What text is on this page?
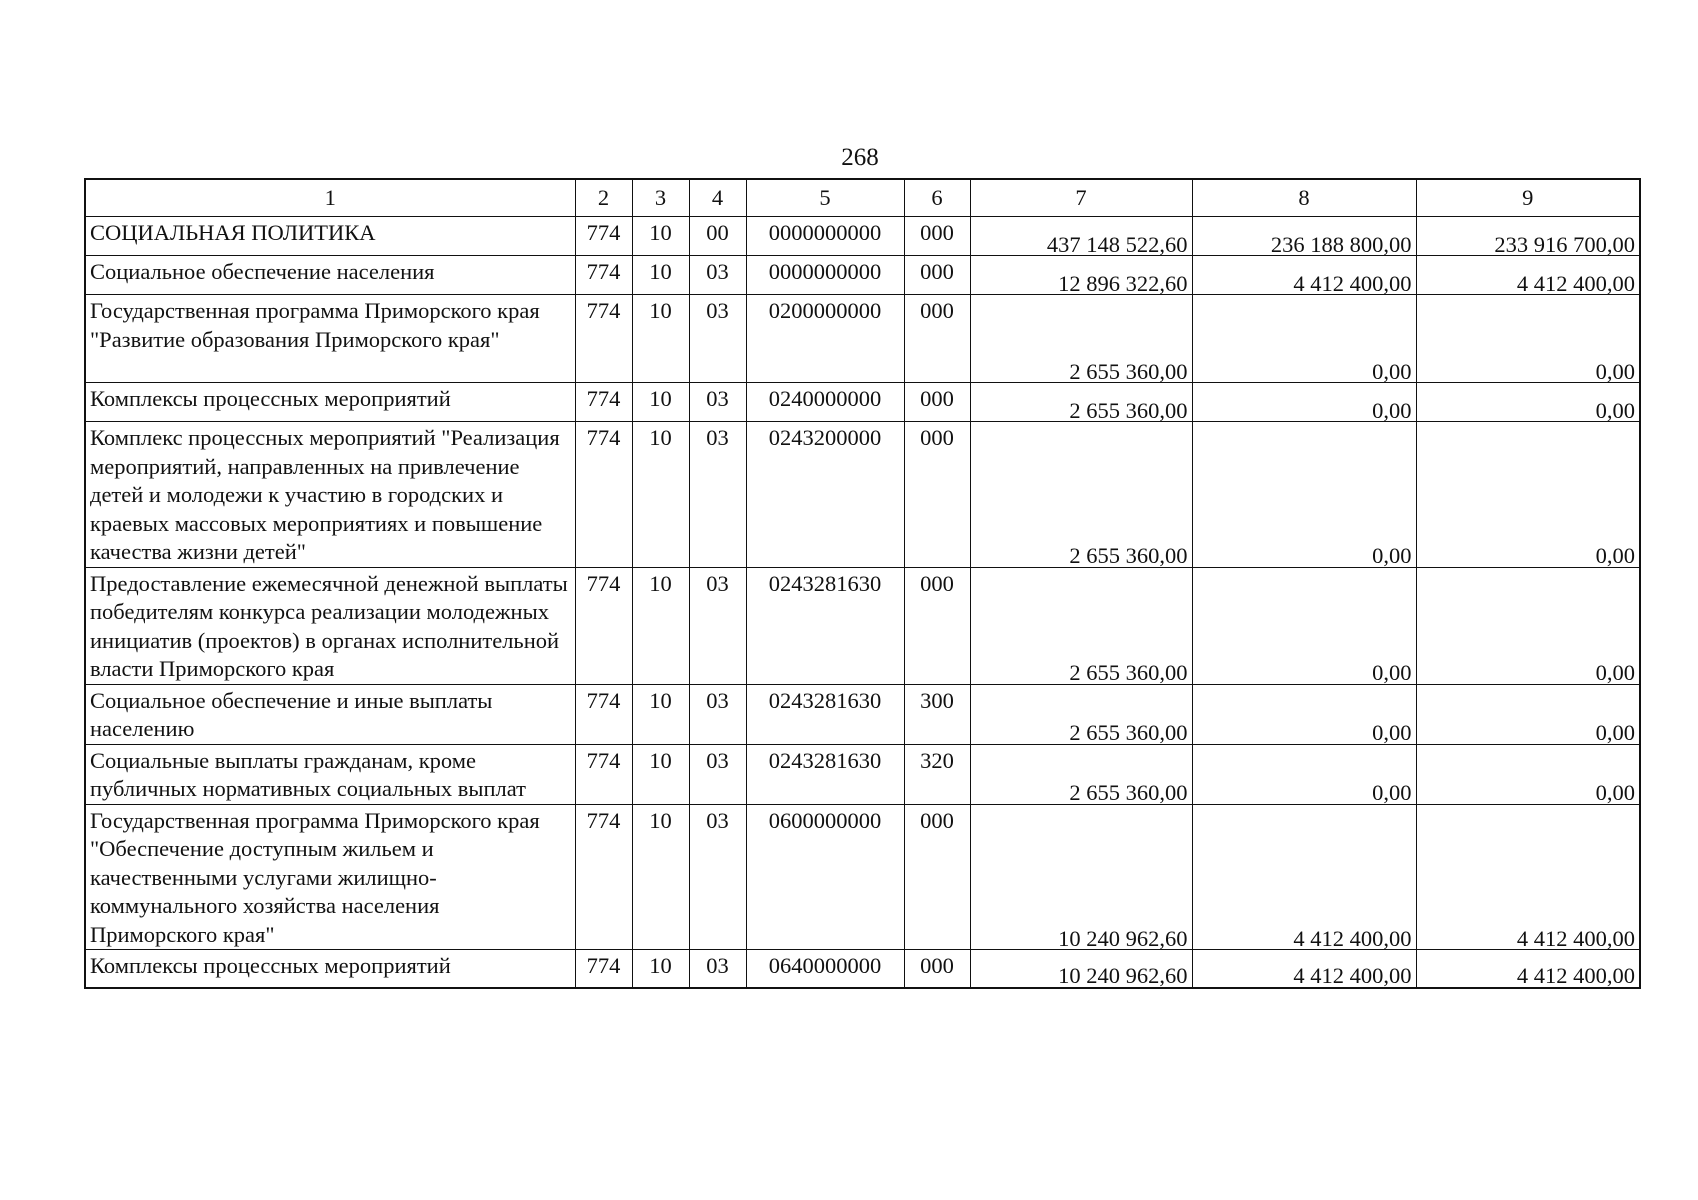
268
1	2	3	4	5	6	7	8	9
СОЦИАЛЬНАЯ ПОЛИТИКА	774	10	00	0000000000	000	437 148 522,60	236 188 800,00	233 916 700,00
Социальное обеспечение населения	774	10	03	0000000000	000	12 896 322,60	4 412 400,00	4 412 400,00
Государственная программа Приморского края "Развитие образования Приморского края"	774	10	03	0200000000	000	2 655 360,00	0,00	0,00
Комплексы процессных мероприятий	774	10	03	0240000000	000	2 655 360,00	0,00	0,00
Комплекс процессных мероприятий "Реализация мероприятий, направленных на привлечение детей и молодежи к участию в городских и краевых массовых мероприятиях и повышение качества жизни детей"	774	10	03	0243200000	000	2 655 360,00	0,00	0,00
Предоставление ежемесячной денежной выплаты победителям конкурса реализации молодежных инициатив (проектов) в органах исполнительной власти Приморского края	774	10	03	0243281630	000	2 655 360,00	0,00	0,00
Социальное обеспечение и иные выплаты населению	774	10	03	0243281630	300	2 655 360,00	0,00	0,00
Социальные выплаты гражданам, кроме публичных нормативных социальных выплат	774	10	03	0243281630	320	2 655 360,00	0,00	0,00
Государственная программа Приморского края "Обеспечение доступным жильем и качественными услугами жилищно-коммунального хозяйства населения Приморского края"	774	10	03	0600000000	000	10 240 962,60	4 412 400,00	4 412 400,00
Комплексы процессных мероприятий	774	10	03	0640000000	000	10 240 962,60	4 412 400,00	4 412 400,00
